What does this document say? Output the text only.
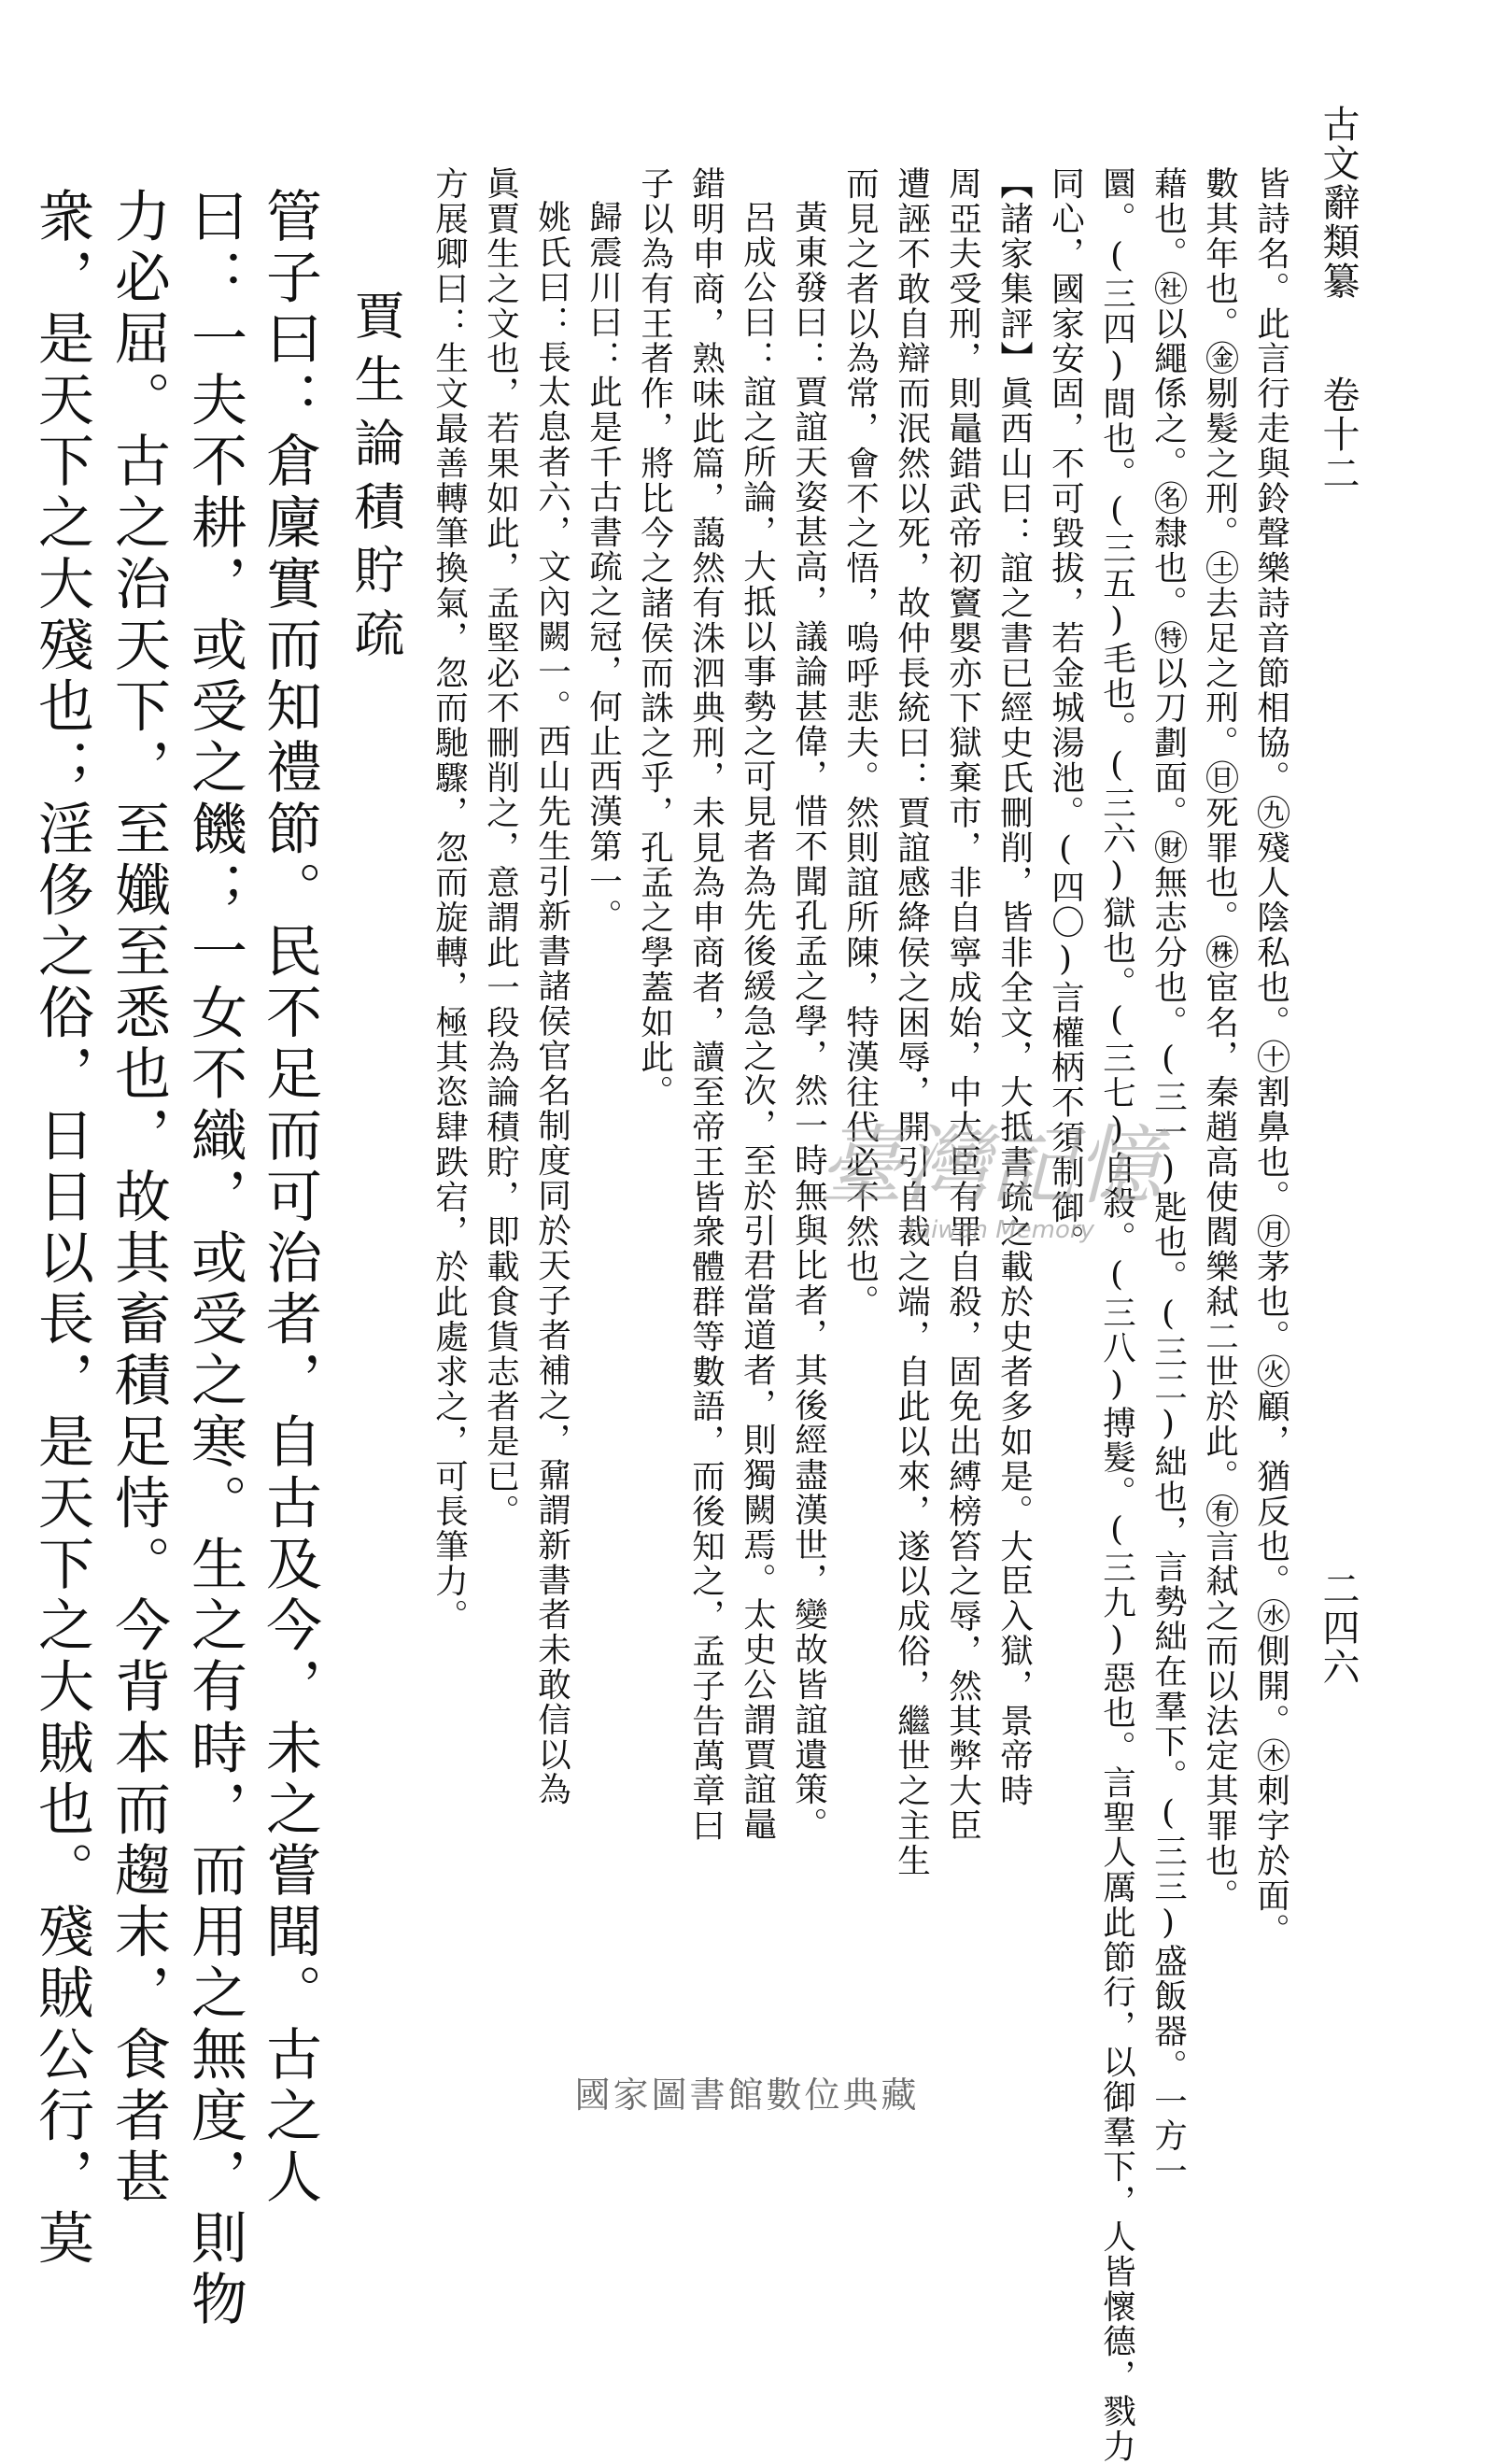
古文辭類纂
卷十二
二四六
皆詩名。此言行走與鈴聲樂詩音節相協。㊈殘人陰私也。㊉割鼻也。㊊茅也。㊋顧，猶反也。㊌側開。㊍刺字於面。
數其年也。㊎剔髮之刑。㊏去足之刑。㊐死罪也。㊑宦名，秦趙高使閻樂弒二世於此。㊒言弒之而以法定其罪也。
藉也。㊓以繩係之。㊔隸也。㊕以刀劃面。㊖無志分也。(三一)匙也。(三二)絀也，言勢絀在羣下。(三三)盛飯器。一方一
圜。(三四)間也。(三五)毛也。(三六)獄也。(三七)自殺。(三八)搏髮。(三九)惡也。言聖人厲此節行，以御羣下，人皆懷德，戮力
同心，國家安固，不可毀拔，若金城湯池。(四〇)言權柄不須制御。
【諸家集評】眞西山曰：誼之書已經史氏刪削，皆非全文，大抵書疏之載於史者多如是。大臣入獄，景帝時
周亞夫受刑，則鼂錯武帝初竇嬰亦下獄棄市，非自寧成始，中大臣有罪自殺，固免出縛榜笞之辱，然其弊大臣
遭誣不敢自辯而泯然以死，故仲長統曰：賈誼感絳侯之困辱，開引自裁之端，自此以來，遂以成俗，繼世之主生
而見之者以為常，會不之悟，嗚呼悲夫。然則誼所陳，特漢往代必不然也。
黃東發曰：賈誼天姿甚高，議論甚偉，惜不聞孔孟之學，然一時無與比者，其後經盡漢世，變故皆誼遺策。
呂成公曰：誼之所論，大抵以事勢之可見者為先後緩急之次，至於引君當道者，則獨闕焉。太史公謂賈誼鼂
錯明申商，熟味此篇，藹然有洙泗典刑，未見為申商者，讀至帝王皆衆體群等數語，而後知之，孟子告萬章曰
子以為有王者作，將比今之諸侯而誅之乎，孔孟之學蓋如此。
歸震川曰：此是千古書疏之冠，何止西漢第一。
姚氏曰：長太息者六，文內闕一。西山先生引新書諸侯官名制度同於天子者補之，鼐謂新書者未敢信以為
眞賈生之文也，若果如此，孟堅必不刪削之，意謂此一段為論積貯，即載食貨志者是已。
方展卿曰：生文最善轉筆換氣，忽而馳驟，忽而旋轉，極其恣肆跌宕，於此處求之，可長筆力。
賈生論積貯疏
管子曰：倉廩實而知禮節。民不足而可治者，自古及今，未之嘗聞。古之人
曰：一夫不耕，或受之饑；一女不織，或受之寒。生之有時，而用之無度，則物
力必屈。古之治天下，至孅至悉也，故其畜積足恃。今背本而趨末，食者甚
衆，是天下之大殘也；淫侈之俗，日日以長，是天下之大賊也。殘賊公行，莫	臺灣記憶
Taiwan Memory
國家圖書館數位典藏
